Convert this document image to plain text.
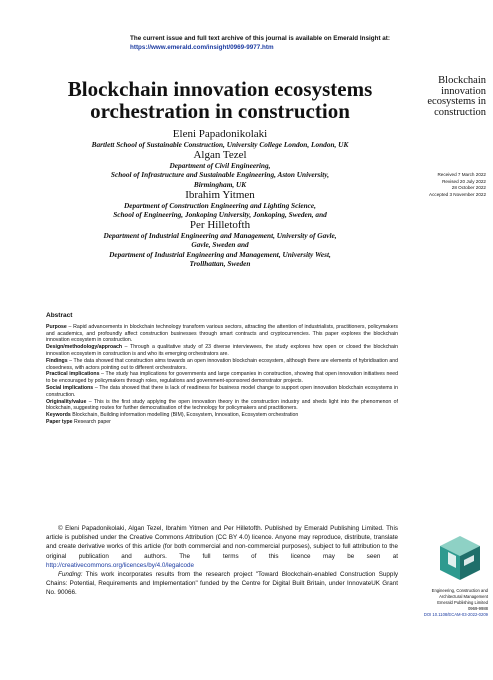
The current issue and full text archive of this journal is available on Emerald Insight at:
https://www.emerald.com/insight/0969-9977.htm
Blockchain innovation ecosystems
orchestration in construction
Blockchain
innovation
ecosystems in
construction
Received 7 March 2022
Revised 20 July 2022
28 October 2022
Accepted 3 November 2022
Eleni Papadonikolaki
Bartlett School of Sustainable Construction, University College London, London, UK
Algan Tezel
Department of Civil Engineering,
School of Infrastructure and Sustainable Engineering, Aston University,
Birmingham, UK
Ibrahim Yitmen
Department of Construction Engineering and Lighting Science,
School of Engineering, Jonkoping University, Jonkoping, Sweden, and
Per Hilletofth
Department of Industrial Engineering and Management, University of Gavle,
Gavle, Sweden and
Department of Industrial Engineering and Management, University West,
Trollhattan, Sweden
Abstract

Purpose – Rapid advancements in blockchain technology transform various sectors, attracting the attention of industrialists, practitioners, policymakers and academics, and profoundly affect construction businesses through smart contracts and cryptocurrencies. This paper explores the blockchain innovation ecosystem in construction.

Design/methodology/approach – Through a qualitative study of 23 diverse interviewees, the study explores how open or closed the blockchain innovation ecosystem in construction is and who its emerging orchestrators are.

Findings – The data showed that construction aims towards an open innovation blockchain ecosystem, although there are elements of hybridisation and closedness, with actors pointing out to different orchestrators.

Practical implications – The study has implications for governments and large companies in construction, showing that open innovation initiatives need to be encouraged by policymakers through roles, regulations and government-sponsored demonstrator projects.

Social implications – The data showed that there is lack of readiness for business model change to support open innovation blockchain ecosystems in construction.

Originality/value – This is the first study applying the open innovation theory in the construction industry and sheds light into the phenomenon of blockchain, suggesting routes for further democratisation of the technology for policymakers and practitioners.

Keywords Blockchain, Building information modelling (BIM), Ecosystem, Innovation, Ecosystem orchestration

Paper type Research paper

© Eleni Papadonikolaki, Algan Tezel, Ibrahim Yitmen and Per Hilletofth. Published by Emerald Publishing Limited. This article is published under the Creative Commons Attribution (CC BY 4.0) licence. Anyone may reproduce, distribute, translate and create derivative works of this article (for both commercial and non-commercial purposes), subject to full attribution to the original publication and authors. The full terms of this licence may be seen at http://creativecommons.org/licences/by/4.0/legalcode

Funding: This work incorporates results from the research project "Toward Blockchain-enabled Construction Supply Chains: Potential, Requirements and Implementation" funded by the Centre for Digital Built Britain, under InnovateUK Grant No. 90066.	Engineering, Construction and
Architectural Management
Emerald Publishing Limited
0969-9988
DOI 10.1108/ECAM-03-2022-0209
